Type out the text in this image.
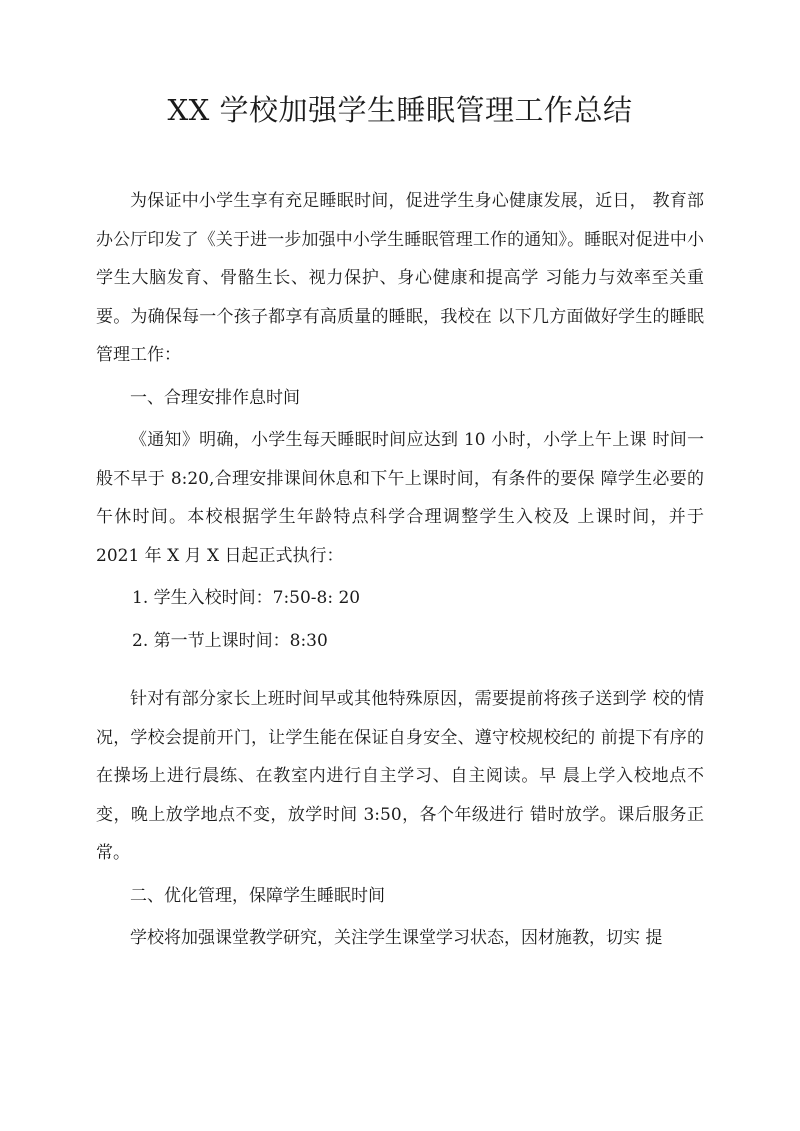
XX 学校加强学生睡眠管理工作总结

为保证中小学生享有充足睡眠时间，促进学生身心健康发展，近日， 教育部办公厅印发了《关于进一步加强中小学生睡眠管理工作的通知》。睡眠对促进中小学生大脑发育、骨骼生长、视力保护、身心健康和提高学 习能力与效率至关重要。为确保每一个孩子都享有高质量的睡眠，我校在 以下几方面做好学生的睡眠管理工作：

一、合理安排作息时间

《通知》明确，小学生每天睡眠时间应达到 10 小时，小学上午上课 时间一般不早于 8:20,合理安排课间休息和下午上课时间，有条件的要保 障学生必要的午休时间。本校根据学生年龄特点科学合理调整学生入校及 上课时间，并于 2021 年 X 月 X 日起正式执行：

1. 学生入校时间：7:50-8: 20

2. 第一节上课时间：8:30

针对有部分家长上班时间早或其他特殊原因，需要提前将孩子送到学 校的情况，学校会提前开门，让学生能在保证自身安全、遵守校规校纪的 前提下有序的在操场上进行晨练、在教室内进行自主学习、自主阅读。早 晨上学入校地点不变，晚上放学地点不变，放学时间 3:50，各个年级进行 错时放学。课后服务正常。

二、优化管理，保障学生睡眠时间

学校将加强课堂教学研究，关注学生课堂学习状态，因材施教，切实 提
